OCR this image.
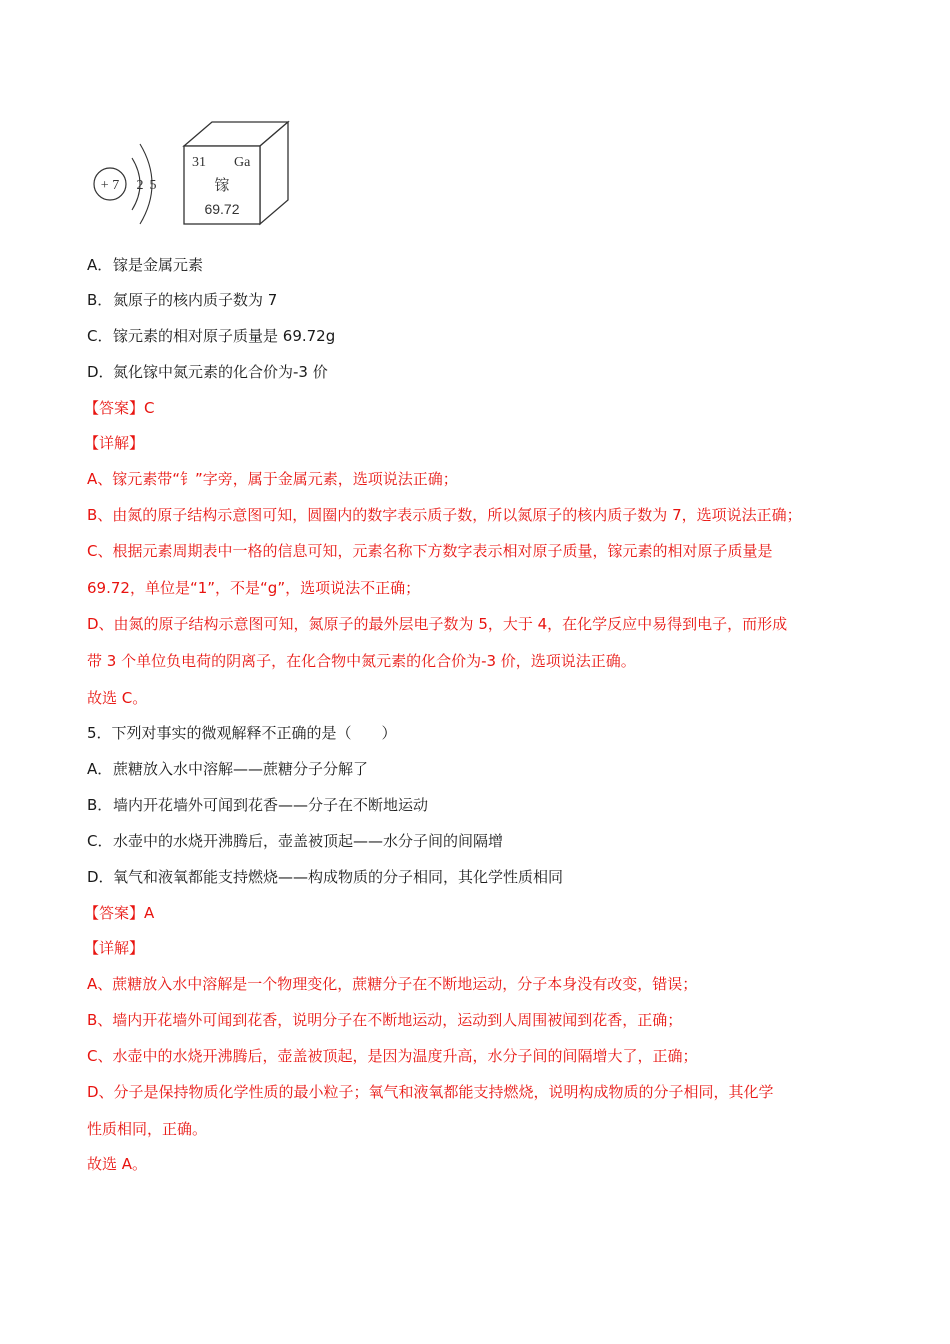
+ 7 2 5
31 Ga
镓
69.72
A．镓是金属元素
B．氮原子的核内质子数为 7
C．镓元素的相对原子质量是 69.72g
D．氮化镓中氮元素的化合价为-3 价
【答案】C
【详解】
A、镓元素带“钅”字旁，属于金属元素，选项说法正确；
B、由氮的原子结构示意图可知，圆圈内的数字表示质子数，所以氮原子的核内质子数为 7，选项说法正确；
C、根据元素周期表中一格的信息可知，元素名称下方数字表示相对原子质量，镓元素的相对原子质量是
69.72，单位是“1”，不是“g”，选项说法不正确；
D、由氮的原子结构示意图可知，氮原子的最外层电子数为 5，大于 4，在化学反应中易得到电子，而形成
带 3 个单位负电荷的阴离子，在化合物中氮元素的化合价为-3 价，选项说法正确。
故选 C。
5．下列对事实的微观解释不正确的是（　　）
A．蔗糖放入水中溶解——蔗糖分子分解了
B．墙内开花墙外可闻到花香——分子在不断地运动
C．水壶中的水烧开沸腾后，壶盖被顶起——水分子间的间隔增
D．氧气和液氧都能支持燃烧——构成物质的分子相同，其化学性质相同
【答案】A
【详解】
A、蔗糖放入水中溶解是一个物理变化，蔗糖分子在不断地运动，分子本身没有改变，错误；
B、墙内开花墙外可闻到花香，说明分子在不断地运动，运动到人周围被闻到花香，正确；
C、水壶中的水烧开沸腾后，壶盖被顶起，是因为温度升高，水分子间的间隔增大了，正确；
D、分子是保持物质化学性质的最小粒子；氧气和液氧都能支持燃烧，说明构成物质的分子相同，其化学
性质相同，正确。
故选 A。
